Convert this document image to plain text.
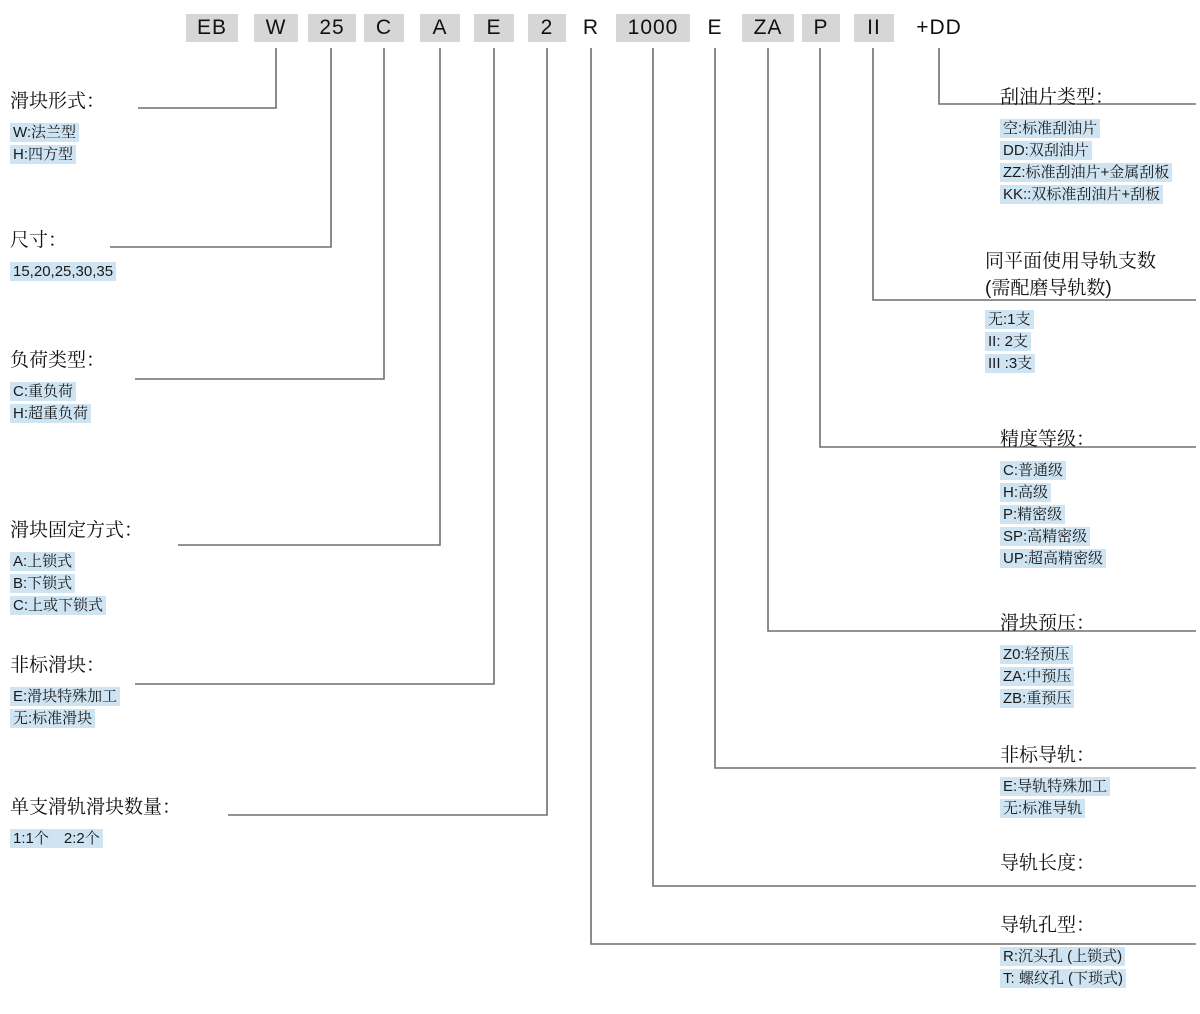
EB	W	25	C	A	E	2	R	1000	E	ZA	P	II	+DD
滑块形式：
W:法兰型
H:四方型
尺寸：
15,20,25,30,35
负荷类型：
C:重负荷
H:超重负荷
滑块固定方式：
A:上锁式
B:下锁式
C:上或下锁式
非标滑块：
E:滑块特殊加工
无:标准滑块
单支滑轨滑块数量：
1:1个　2:2个
刮油片类型：
空:标准刮油片
DD:双刮油片
ZZ:标准刮油片+金属刮板
KK::双标准刮油片+刮板
同平面使用导轨支数
(需配磨导轨数)
无:1支
II: 2支
III :3支
精度等级：
C:普通级
H:高级
P:精密级
SP:高精密级
UP:超高精密级
滑块预压：
Z0:轻预压
ZA:中预压
ZB:重预压
非标导轨：
E:导轨特殊加工
无:标准导轨
导轨长度：
导轨孔型：
R:沉头孔 (上锁式)
T: 螺纹孔 (下琐式)
